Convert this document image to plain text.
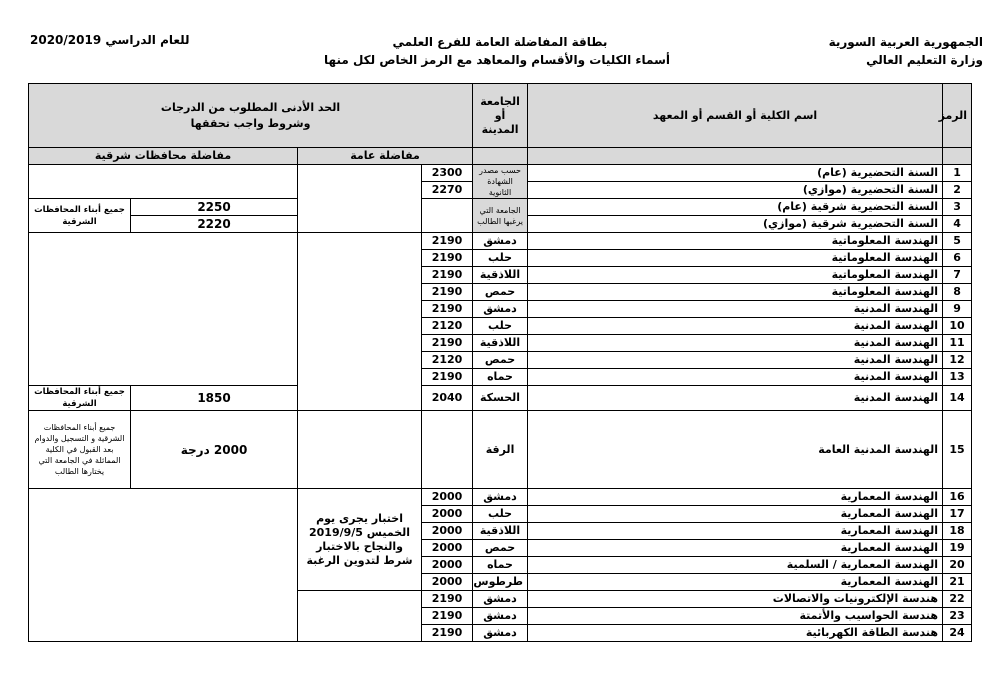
الجمهورية العربية السورية
وزارة التعليم العالي
بطاقة المفاضلة العامة للفرع العلمي
أسماء الكليات والأقسام والمعاهد مع الرمز الخاص لكل منها
للعام الدراسي 2020/2019
الرمز	اسم الكلية أو القسم أو المعهد	الجامعة أو المدينة	الحد الأدنى المطلوب من الدرجات
وشروط واجب تحققها			

			مفاضلة عامة		مفاضلة محافظات شرقية	
1	السنة التحضيرية (عام)	حسب مصدر الشهادة الثانوية	2300			
2	السنة التحضيرية (موازي)		2270			
3	السنة التحضيرية شرقية (عام)	الجامعة التي يرغبها الطالب			2250	جميع أبناء المحافظات الشرقية
4	السنة التحضيرية شرقية (موازي)				2220	
5	الهندسة المعلوماتية	دمشق	2190			
6	الهندسة المعلوماتية	حلب	2190			
7	الهندسة المعلوماتية	اللاذقية	2190			
8	الهندسة المعلوماتية	حمص	2190			
9	الهندسة المدنية	دمشق	2190			
10	الهندسة المدنية	حلب	2120			
11	الهندسة المدنية	اللاذقية	2190			
12	الهندسة المدنية	حمص	2120			
13	الهندسة المدنية	حماه	2190			
14	الهندسة المدنية	الحسكة	2040		1850	جميع أبناء المحافظات الشرقية
15	الهندسة المدنية العامة	الرقة			2000 درجة	جميع أبناء المحافظات الشرقية و التسجيل والدوام بعد القبول في الكلية المماثلة في الجامعة التي يختارها الطالب
16	الهندسة المعمارية	دمشق	2000	اختبار يجرى يوم الخميس 2019/9/5 والنجاح بالاختبار شرط لتدوين الرغبة		
17	الهندسة المعمارية	حلب	2000			
18	الهندسة المعمارية	اللاذقية	2000			
19	الهندسة المعمارية	حمص	2000			
20	الهندسة المعمارية / السلمية	حماه	2000			
21	الهندسة المعمارية	طرطوس	2000			
22	هندسة الإلكترونيات والاتصالات	دمشق	2190			
23	هندسة الحواسيب والأتمتة	دمشق	2190			
24	هندسة الطاقة الكهربائية	دمشق	2190			
